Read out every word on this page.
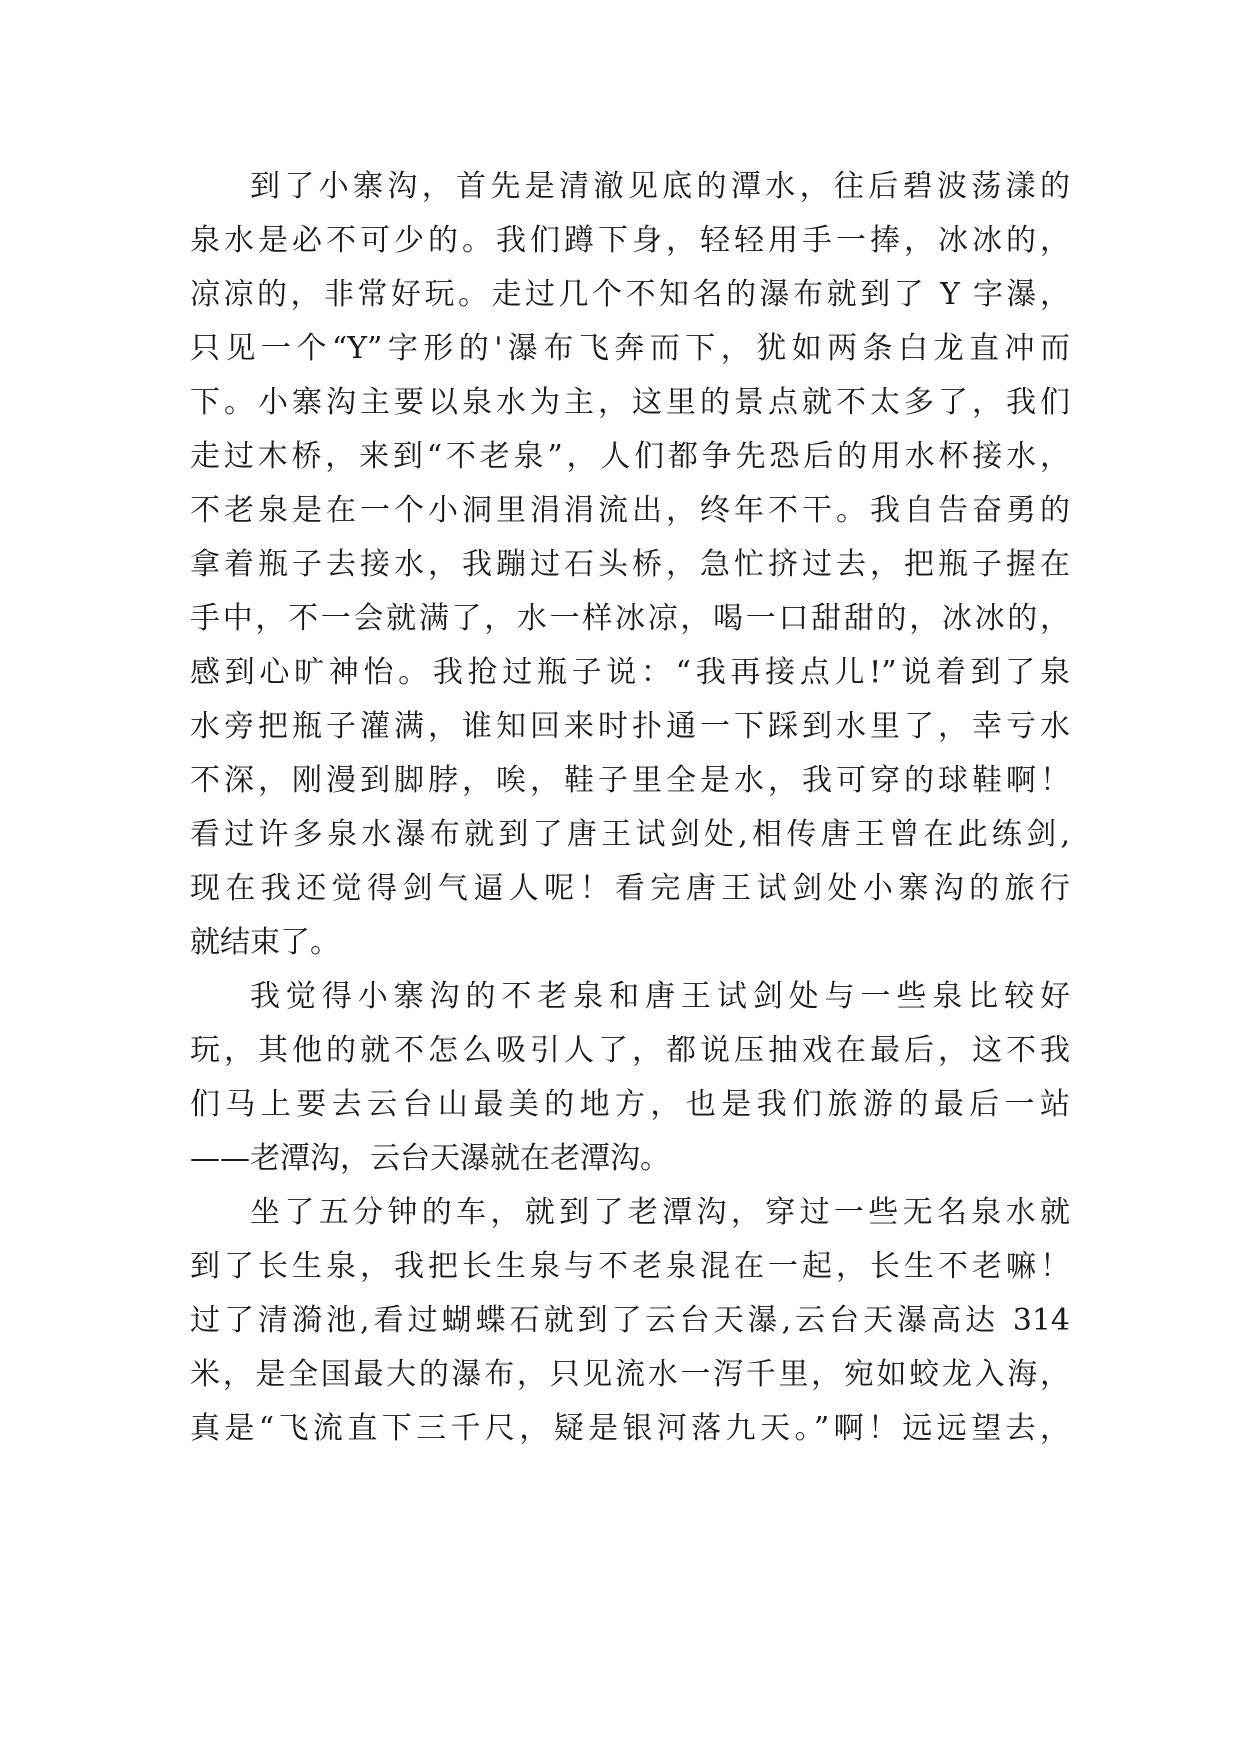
到了小寨沟，首先是清澈见底的潭水，往后碧波荡漾的
泉水是必不可少的。我们蹲下身，轻轻用手一捧，冰冰的，
凉凉的，非常好玩。走过几个不知名的瀑布就到了 Y 字瀑，
只见一个“Y”字形的'瀑布飞奔而下，犹如两条白龙直冲而
下。小寨沟主要以泉水为主，这里的景点就不太多了，我们
走过木桥，来到“不老泉”，人们都争先恐后的用水杯接水，
不老泉是在一个小洞里涓涓流出，终年不干。我自告奋勇的
拿着瓶子去接水，我蹦过石头桥，急忙挤过去，把瓶子握在
手中，不一会就满了，水一样冰凉，喝一口甜甜的，冰冰的，
感到心旷神怡。我抢过瓶子说：“我再接点儿!”说着到了泉
水旁把瓶子灌满，谁知回来时扑通一下踩到水里了，幸亏水
不深，刚漫到脚脖，唉，鞋子里全是水，我可穿的球鞋啊！
看过许多泉水瀑布就到了唐王试剑处,相传唐王曾在此练剑,
现在我还觉得剑气逼人呢！看完唐王试剑处小寨沟的旅行
就结束了。
我觉得小寨沟的不老泉和唐王试剑处与一些泉比较好
玩，其他的就不怎么吸引人了，都说压抽戏在最后，这不我
们马上要去云台山最美的地方，也是我们旅游的最后一站
——老潭沟，云台天瀑就在老潭沟。
坐了五分钟的车，就到了老潭沟，穿过一些无名泉水就
到了长生泉，我把长生泉与不老泉混在一起，长生不老嘛！
过了清漪池,看过蝴蝶石就到了云台天瀑,云台天瀑高达 314
米，是全国最大的瀑布，只见流水一泻千里，宛如蛟龙入海，
真是“飞流直下三千尺，疑是银河落九天。”啊！远远望去，
